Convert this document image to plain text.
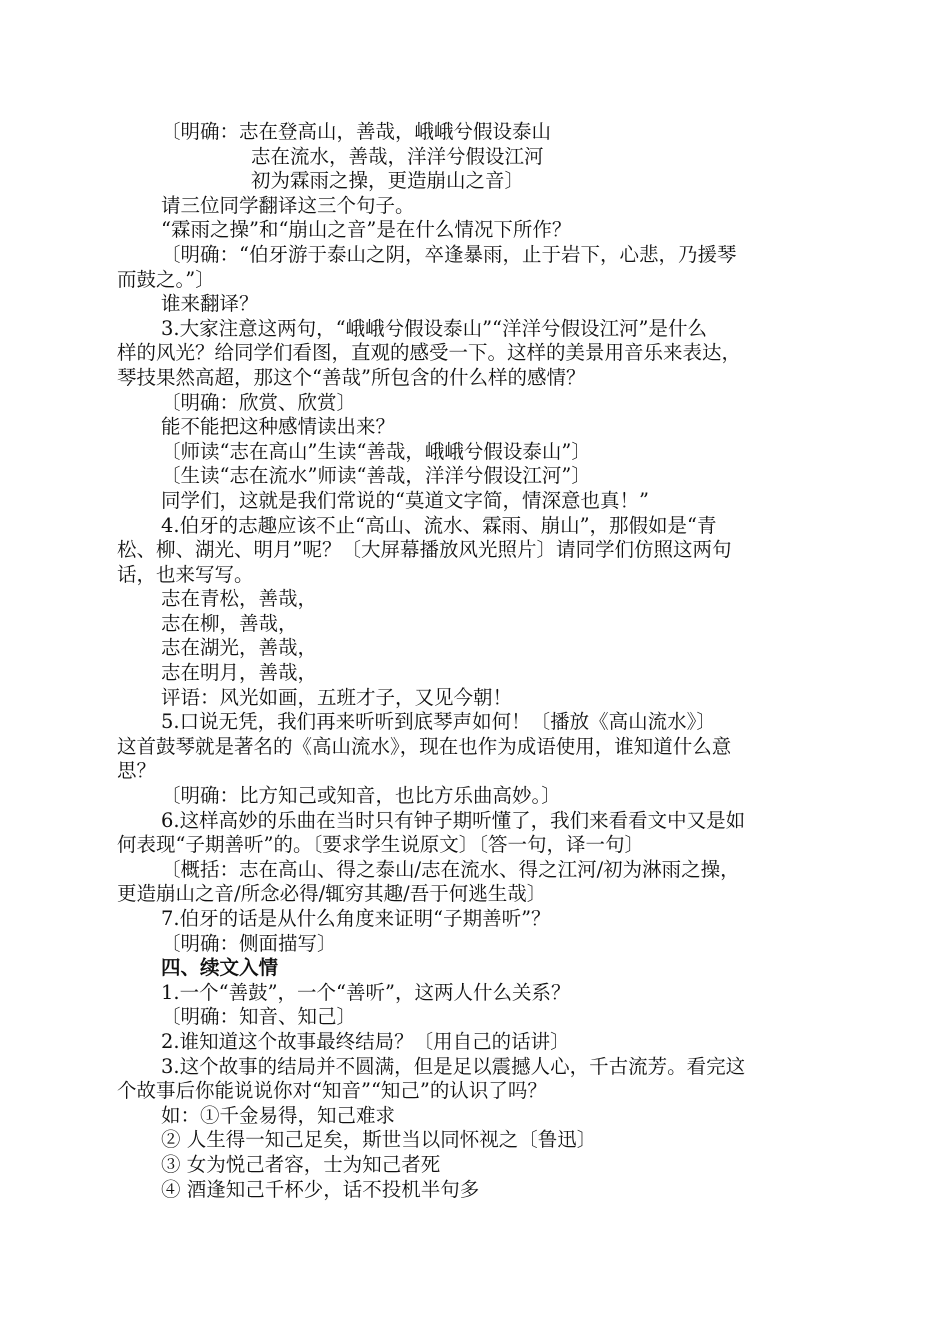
〔明确：志在登高山，善哉，峨峨兮假设泰山
志在流水，善哉，洋洋兮假设江河
初为霖雨之操，更造崩山之音〕
请三位同学翻译这三个句子。
“霖雨之操”和“崩山之音”是在什么情况下所作？
〔明确：“伯牙游于泰山之阴，卒逢暴雨，止于岩下，心悲，乃援琴
而鼓之。”〕
谁来翻译？
3.大家注意这两句，“峨峨兮假设泰山”“洋洋兮假设江河”是什么
样的风光？给同学们看图，直观的感受一下。这样的美景用音乐来表达，
琴技果然高超，那这个“善哉”所包含的什么样的感情？
〔明确：欣赏、欣赏〕
能不能把这种感情读出来？
〔师读“志在高山”生读“善哉，峨峨兮假设泰山”〕
〔生读“志在流水”师读“善哉，洋洋兮假设江河”〕
同学们，这就是我们常说的“莫道文字简，情深意也真！”
4.伯牙的志趣应该不止“高山、流水、霖雨、崩山”，那假如是“青
松、柳、湖光、明月”呢？〔大屏幕播放风光照片〕请同学们仿照这两句
话，也来写写。
志在青松，善哉，
志在柳，善哉，
志在湖光，善哉，
志在明月，善哉，
评语：风光如画，五班才子，又见今朝！
5.口说无凭，我们再来听听到底琴声如何！〔播放《高山流水》〕
这首鼓琴就是著名的《高山流水》，现在也作为成语使用，谁知道什么意
思？
〔明确：比方知己或知音，也比方乐曲高妙。〕
6.这样高妙的乐曲在当时只有钟子期听懂了，我们来看看文中又是如
何表现“子期善听”的。〔要求学生说原文〕〔答一句，译一句〕
〔概括：志在高山、得之泰山/志在流水、得之江河/初为淋雨之操，
更造崩山之音/所念必得/辄穷其趣/吾于何逃生哉〕
7.伯牙的话是从什么角度来证明“子期善听”？
〔明确：侧面描写〕
四、续文入情
1.一个“善鼓”，一个“善听”，这两人什么关系？
〔明确：知音、知己〕
2.谁知道这个故事最终结局？〔用自己的话讲〕
3.这个故事的结局并不圆满，但是足以震撼人心，千古流芳。看完这
个故事后你能说说你对“知音”“知己”的认识了吗？
如：①千金易得，知己难求
② 人生得一知己足矣，斯世当以同怀视之〔鲁迅〕
③ 女为悦己者容，士为知己者死
④ 酒逢知己千杯少，话不投机半句多
